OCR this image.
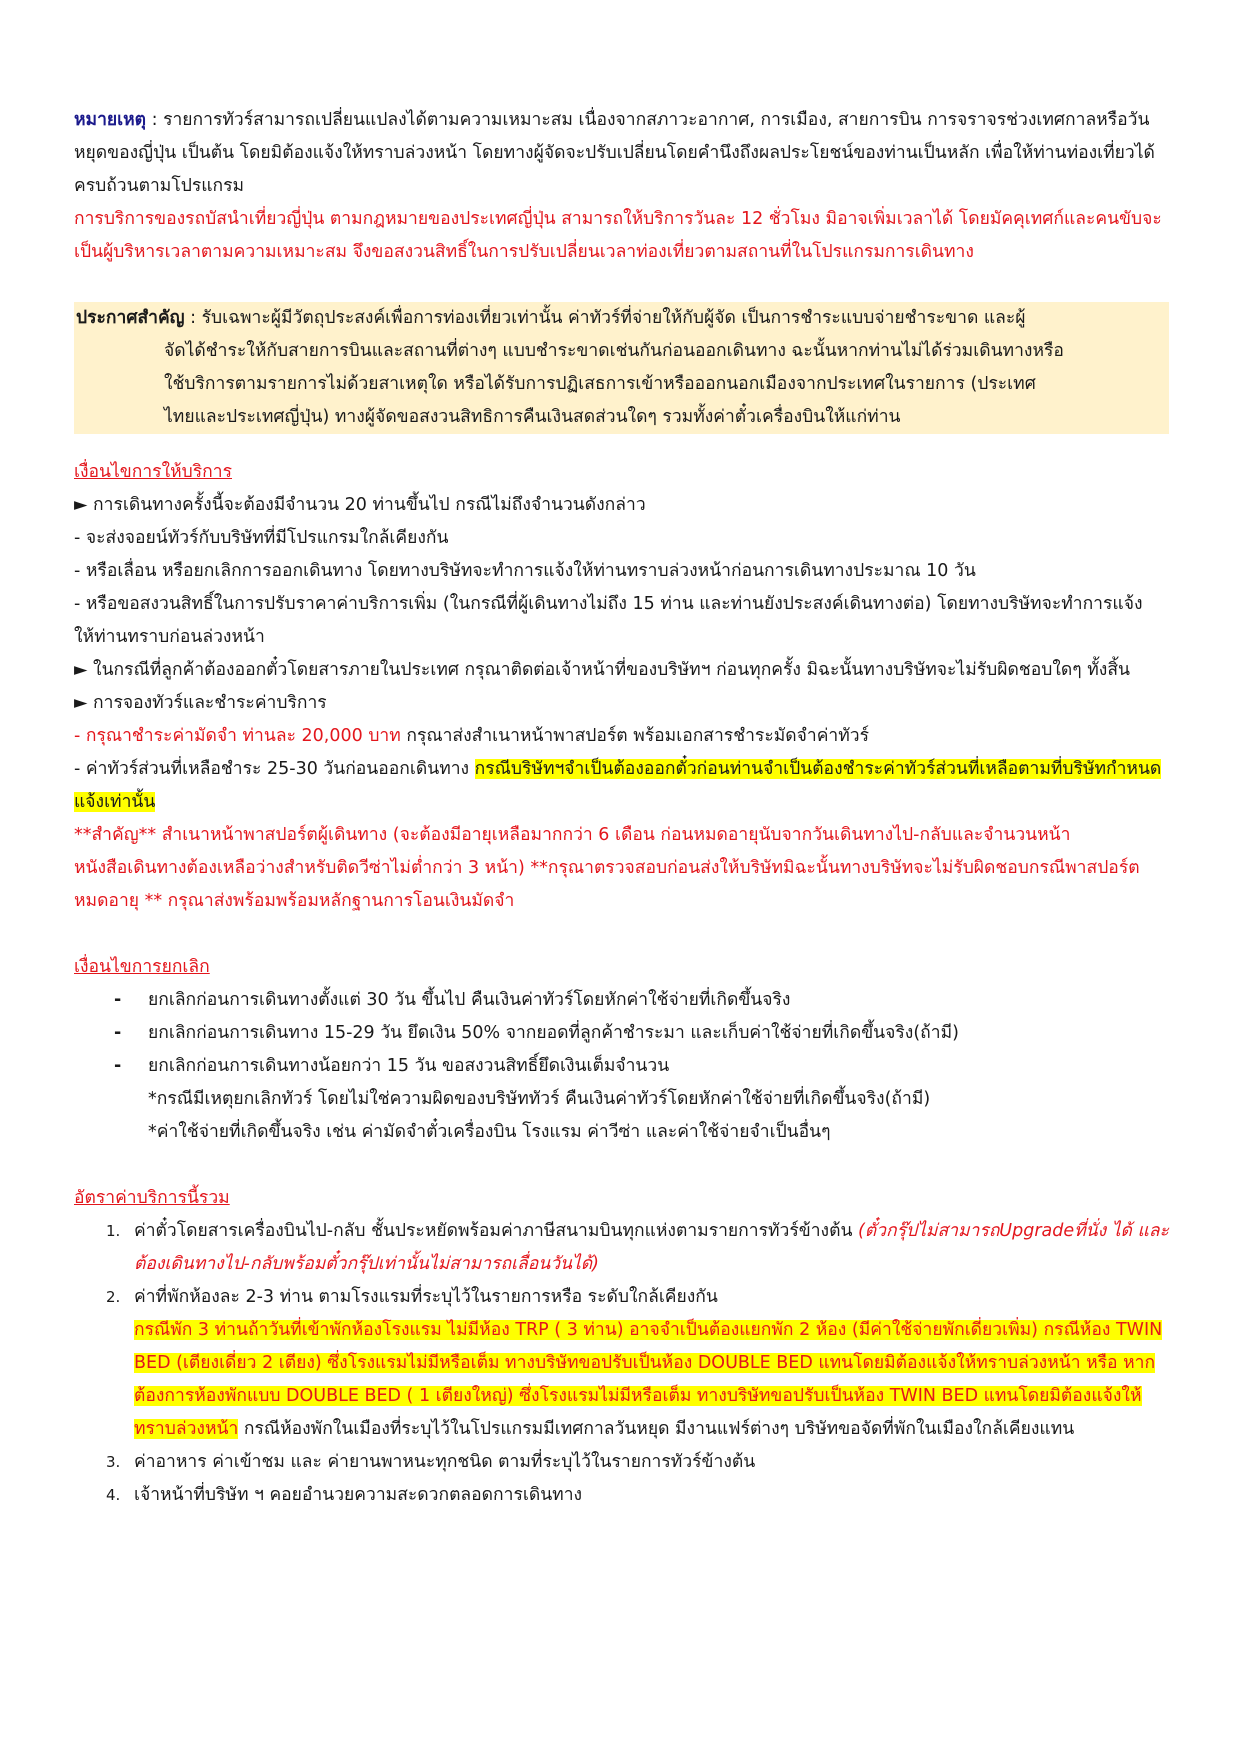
หมายเหตุ : รายการทัวร์สามารถเปลี่ยนแปลงได้ตามความเหมาะสม เนื่องจากสภาวะอากาศ, การเมือง, สายการบิน การจราจรช่วงเทศกาลหรือวันหยุดของญี่ปุ่น เป็นต้น โดยมิต้องแจ้งให้ทราบล่วงหน้า โดยทางผู้จัดจะปรับเปลี่ยนโดยคำนึงถึงผลประโยชน์ของท่านเป็นหลัก เพื่อให้ท่านท่องเที่ยวได้ครบถ้วนตามโปรแกรม
การบริการของรถบัสนำเที่ยวญี่ปุ่น ตามกฎหมายของประเทศญี่ปุ่น สามารถให้บริการวันละ 12 ชั่วโมง มิอาจเพิ่มเวลาได้ โดยมัคคุเทศก์และคนขับจะเป็นผู้บริหารเวลาตามความเหมาะสม จึงขอสงวนสิทธิ์ในการปรับเปลี่ยนเวลาท่องเที่ยวตามสถานที่ในโปรแกรมการเดินทาง
ประกาศสำคัญ : รับเฉพาะผู้มีวัตถุประสงค์เพื่อการท่องเที่ยวเท่านั้น ค่าทัวร์ที่จ่ายให้กับผู้จัด เป็นการชำระแบบจ่ายชำระขาด และผู้
จัดได้ชำระให้กับสายการบินและสถานที่ต่างๆ แบบชำระขาดเช่นกันก่อนออกเดินทาง ฉะนั้นหากท่านไม่ได้ร่วมเดินทางหรือ
ใช้บริการตามรายการไม่ด้วยสาเหตุใด หรือได้รับการปฏิเสธการเข้าหรือออกนอกเมืองจากประเทศในรายการ (ประเทศ
ไทยและประเทศญี่ปุ่น) ทางผู้จัดขอสงวนสิทธิการคืนเงินสดส่วนใดๆ รวมทั้งค่าตั๋วเครื่องบินให้แก่ท่าน
เงื่อนไขการให้บริการ
► การเดินทางครั้งนี้จะต้องมีจำนวน 20 ท่านขึ้นไป กรณีไม่ถึงจำนวนดังกล่าว
- จะส่งจอยน์ทัวร์กับบริษัทที่มีโปรแกรมใกล้เคียงกัน
- หรือเลื่อน หรือยกเลิกการออกเดินทาง โดยทางบริษัทจะทำการแจ้งให้ท่านทราบล่วงหน้าก่อนการเดินทางประมาณ 10 วัน
- หรือขอสงวนสิทธิ์ในการปรับราคาค่าบริการเพิ่ม (ในกรณีที่ผู้เดินทางไม่ถึง 15 ท่าน และท่านยังประสงค์เดินทางต่อ) โดยทางบริษัทจะทำการแจ้งให้ท่านทราบก่อนล่วงหน้า
► ในกรณีที่ลูกค้าต้องออกตั๋วโดยสารภายในประเทศ กรุณาติดต่อเจ้าหน้าที่ของบริษัทฯ ก่อนทุกครั้ง มิฉะนั้นทางบริษัทจะไม่รับผิดชอบใดๆ ทั้งสิ้น
► การจองทัวร์และชำระค่าบริการ
- กรุณาชำระค่ามัดจำ ท่านละ 20,000 บาท กรุณาส่งสำเนาหน้าพาสปอร์ต พร้อมเอกสารชำระมัดจำค่าทัวร์
- ค่าทัวร์ส่วนที่เหลือชำระ 25-30 วันก่อนออกเดินทาง กรณีบริษัทฯจำเป็นต้องออกตั๋วก่อนท่านจำเป็นต้องชำระค่าทัวร์ส่วนที่เหลือตามที่บริษัทกำหนดแจ้งเท่านั้น
**สำคัญ** สำเนาหน้าพาสปอร์ตผู้เดินทาง (จะต้องมีอายุเหลือมากกว่า 6 เดือน ก่อนหมดอายุนับจากวันเดินทางไป-กลับและจำนวนหน้าหนังสือเดินทางต้องเหลือว่างสำหรับติดวีซ่าไม่ต่ำกว่า 3 หน้า) **กรุณาตรวจสอบก่อนส่งให้บริษัทมิฉะนั้นทางบริษัทจะไม่รับผิดชอบกรณีพาสปอร์ตหมดอายุ ** กรุณาส่งพร้อมพร้อมหลักฐานการโอนเงินมัดจำ
เงื่อนไขการยกเลิก
-	ยกเลิกก่อนการเดินทางตั้งแต่ 30 วัน ขึ้นไป คืนเงินค่าทัวร์โดยหักค่าใช้จ่ายที่เกิดขึ้นจริง
-	ยกเลิกก่อนการเดินทาง 15-29 วัน ยึดเงิน 50% จากยอดที่ลูกค้าชำระมา และเก็บค่าใช้จ่ายที่เกิดขึ้นจริง(ถ้ามี)
-	ยกเลิกก่อนการเดินทางน้อยกว่า 15 วัน ขอสงวนสิทธิ์ยึดเงินเต็มจำนวน
*กรณีมีเหตุยกเลิกทัวร์ โดยไม่ใช่ความผิดของบริษัททัวร์ คืนเงินค่าทัวร์โดยหักค่าใช้จ่ายที่เกิดขึ้นจริง(ถ้ามี)
*ค่าใช้จ่ายที่เกิดขึ้นจริง เช่น ค่ามัดจำตั๋วเครื่องบิน โรงแรม ค่าวีซ่า และค่าใช้จ่ายจำเป็นอื่นๆ
อัตราค่าบริการนี้รวม
1. ค่าตั๋วโดยสารเครื่องบินไป-กลับ ชั้นประหยัดพร้อมค่าภาษีสนามบินทุกแห่งตามรายการทัวร์ข้างต้น (ตั๋วกรุ๊ปไม่สามารถUpgradeที่นั่ง ได้ และต้องเดินทางไป-กลับพร้อมตั๋วกรุ๊ปเท่านั้นไม่สามารถเลื่อนวันได้)
2. ค่าที่พักห้องละ 2-3 ท่าน ตามโรงแรมที่ระบุไว้ในรายการหรือ ระดับใกล้เคียงกัน
กรณีพัก 3 ท่านถ้าวันที่เข้าพักห้องโรงแรม ไม่มีห้อง TRP ( 3 ท่าน) อาจจำเป็นต้องแยกพัก 2 ห้อง (มีค่าใช้จ่ายพักเดี่ยวเพิ่ม) กรณีห้อง TWIN BED (เตียงเดี่ยว 2 เตียง) ซึ่งโรงแรมไม่มีหรือเต็ม ทางบริษัทขอปรับเป็นห้อง DOUBLE BED แทนโดยมิต้องแจ้งให้ทราบล่วงหน้า หรือ หากต้องการห้องพักแบบ DOUBLE BED ( 1 เตียงใหญ่) ซึ่งโรงแรมไม่มีหรือเต็ม ทางบริษัทขอปรับเป็นห้อง TWIN BED แทนโดยมิต้องแจ้งให้ทราบล่วงหน้า กรณีห้องพักในเมืองที่ระบุไว้ในโปรแกรมมีเทศกาลวันหยุด มีงานแฟร์ต่างๆ บริษัทขอจัดที่พักในเมืองใกล้เคียงแทน
3. ค่าอาหาร ค่าเข้าชม และ ค่ายานพาหนะทุกชนิด ตามที่ระบุไว้ในรายการทัวร์ข้างต้น
4. เจ้าหน้าที่บริษัท ฯ คอยอำนวยความสะดวกตลอดการเดินทาง
